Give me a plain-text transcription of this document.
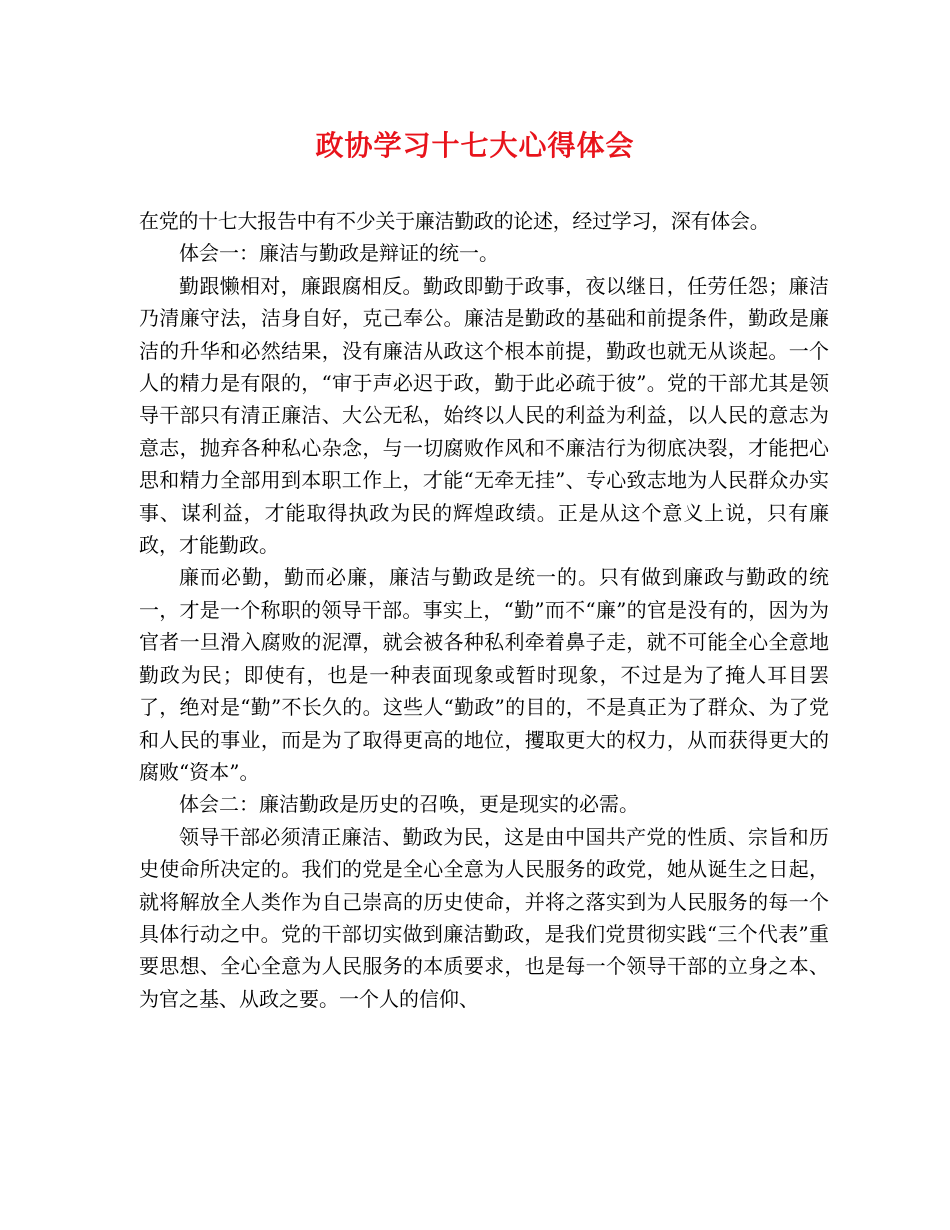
政协学习十七大心得体会

在党的十七大报告中有不少关于廉洁勤政的论述，经过学习，深有体会。

体会一：廉洁与勤政是辩证的统一。

勤跟懒相对，廉跟腐相反。勤政即勤于政事，夜以继日，任劳任怨；廉洁乃清廉守法，洁身自好，克己奉公。廉洁是勤政的基础和前提条件，勤政是廉洁的升华和必然结果，没有廉洁从政这个根本前提，勤政也就无从谈起。一个人的精力是有限的，“审于声必迟于政，勤于此必疏于彼”。党的干部尤其是领导干部只有清正廉洁、大公无私，始终以人民的利益为利益，以人民的意志为意志，抛弃各种私心杂念，与一切腐败作风和不廉洁行为彻底决裂，才能把心思和精力全部用到本职工作上，才能“无牵无挂”、专心致志地为人民群众办实事、谋利益，才能取得执政为民的辉煌政绩。正是从这个意义上说，只有廉政，才能勤政。

廉而必勤，勤而必廉，廉洁与勤政是统一的。只有做到廉政与勤政的统一，才是一个称职的领导干部。事实上，“勤”而不“廉”的官是没有的，因为为官者一旦滑入腐败的泥潭，就会被各种私利牵着鼻子走，就不可能全心全意地勤政为民；即使有，也是一种表面现象或暂时现象，不过是为了掩人耳目罢了，绝对是“勤”不长久的。这些人“勤政”的目的，不是真正为了群众、为了党和人民的事业，而是为了取得更高的地位，攫取更大的权力，从而获得更大的腐败“资本”。

体会二：廉洁勤政是历史的召唤，更是现实的必需。

领导干部必须清正廉洁、勤政为民，这是由中国共产党的性质、宗旨和历史使命所决定的。我们的党是全心全意为人民服务的政党，她从诞生之日起，就将解放全人类作为自己崇高的历史使命，并将之落实到为人民服务的每一个具体行动之中。党的干部切实做到廉洁勤政，是我们党贯彻实践“三个代表”重要思想、全心全意为人民服务的本质要求，也是每一个领导干部的立身之本、为官之基、从政之要。一个人的信仰、
